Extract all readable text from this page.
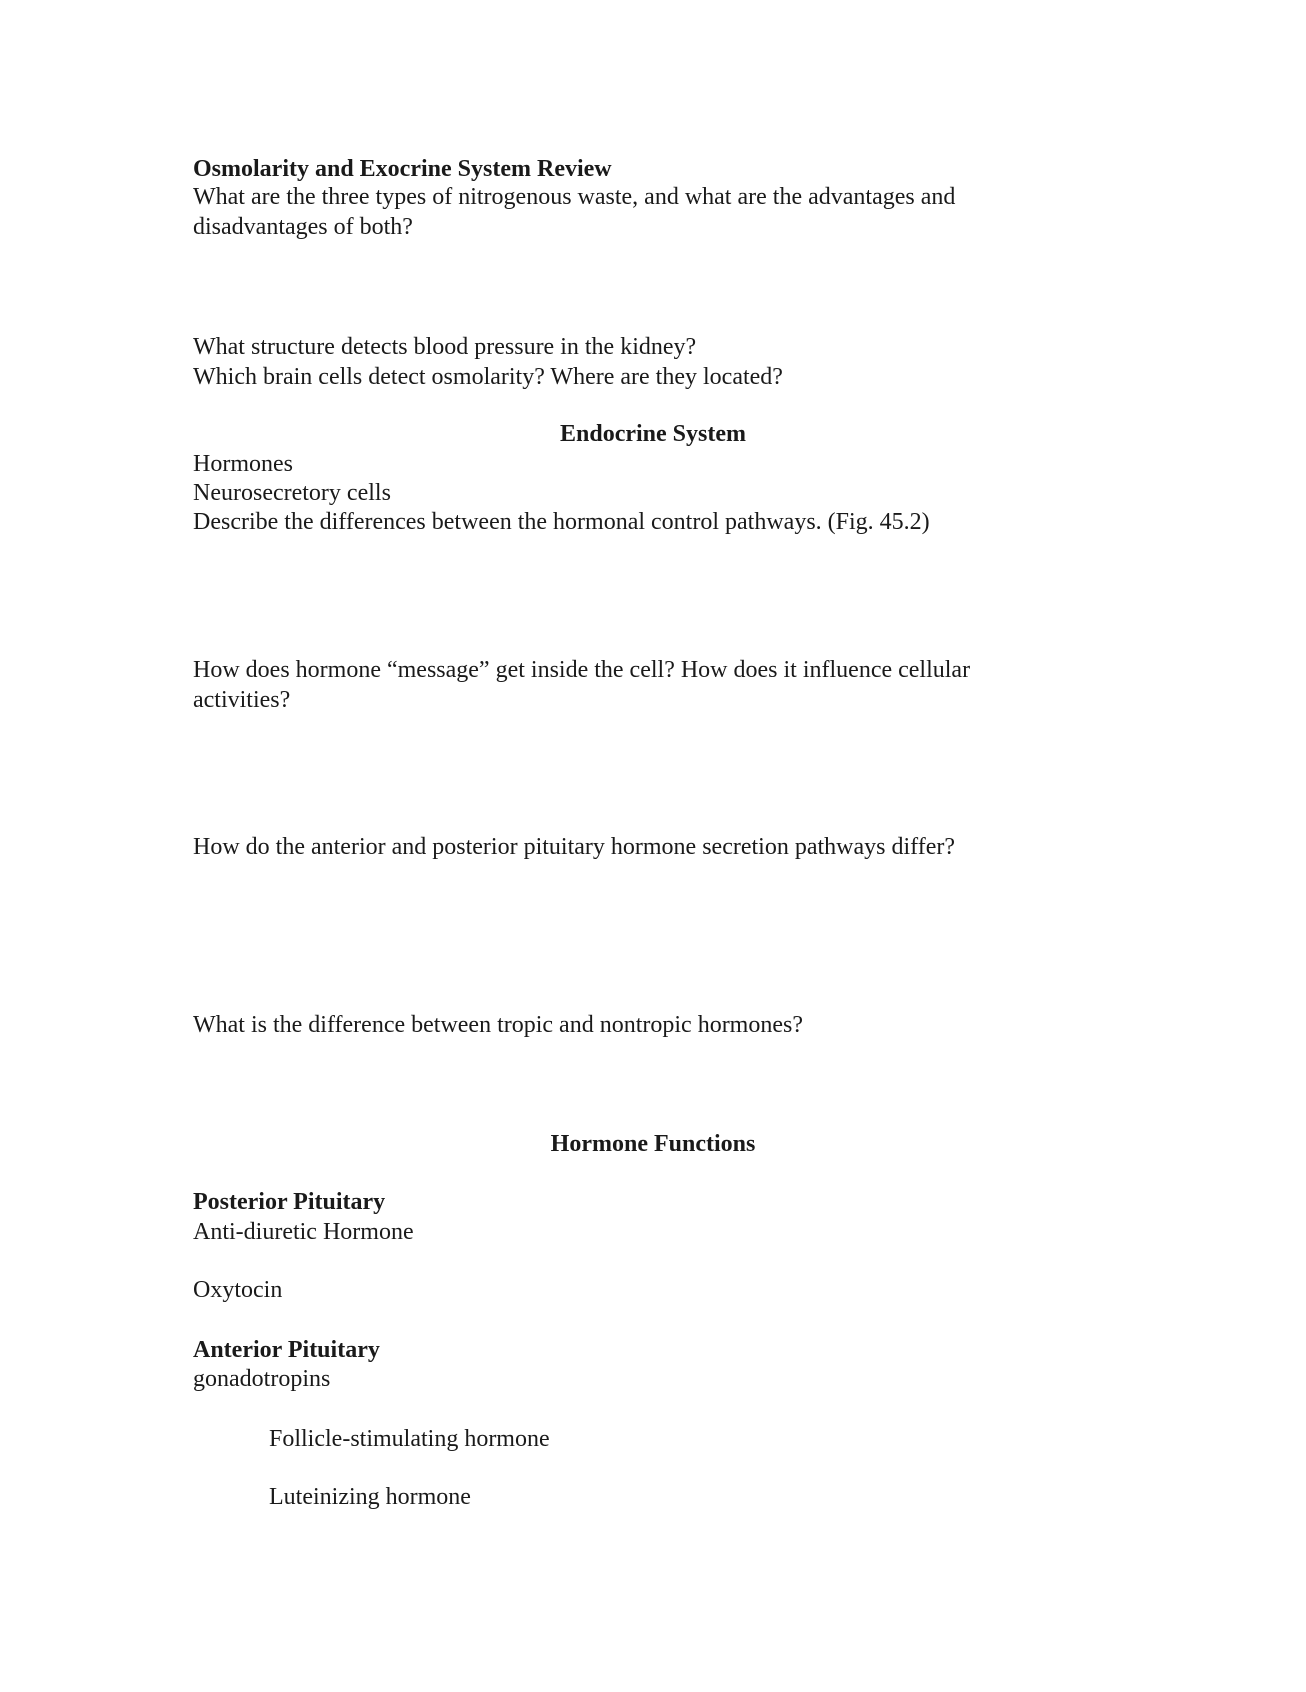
Osmolarity and Exocrine System Review
What are the three types of nitrogenous waste, and what are the advantages and
disadvantages of both?
What structure detects blood pressure in the kidney?
Which brain cells detect osmolarity? Where are they located?
Endocrine System
Hormones
Neurosecretory cells
Describe the differences between the hormonal control pathways. (Fig. 45.2)
How does hormone “message” get inside the cell? How does it influence cellular
activities?
How do the anterior and posterior pituitary hormone secretion pathways differ?
What is the difference between tropic and nontropic hormones?
Hormone Functions
Posterior Pituitary
Anti-diuretic Hormone
Oxytocin
Anterior Pituitary
gonadotropins
Follicle-stimulating hormone
Luteinizing hormone
